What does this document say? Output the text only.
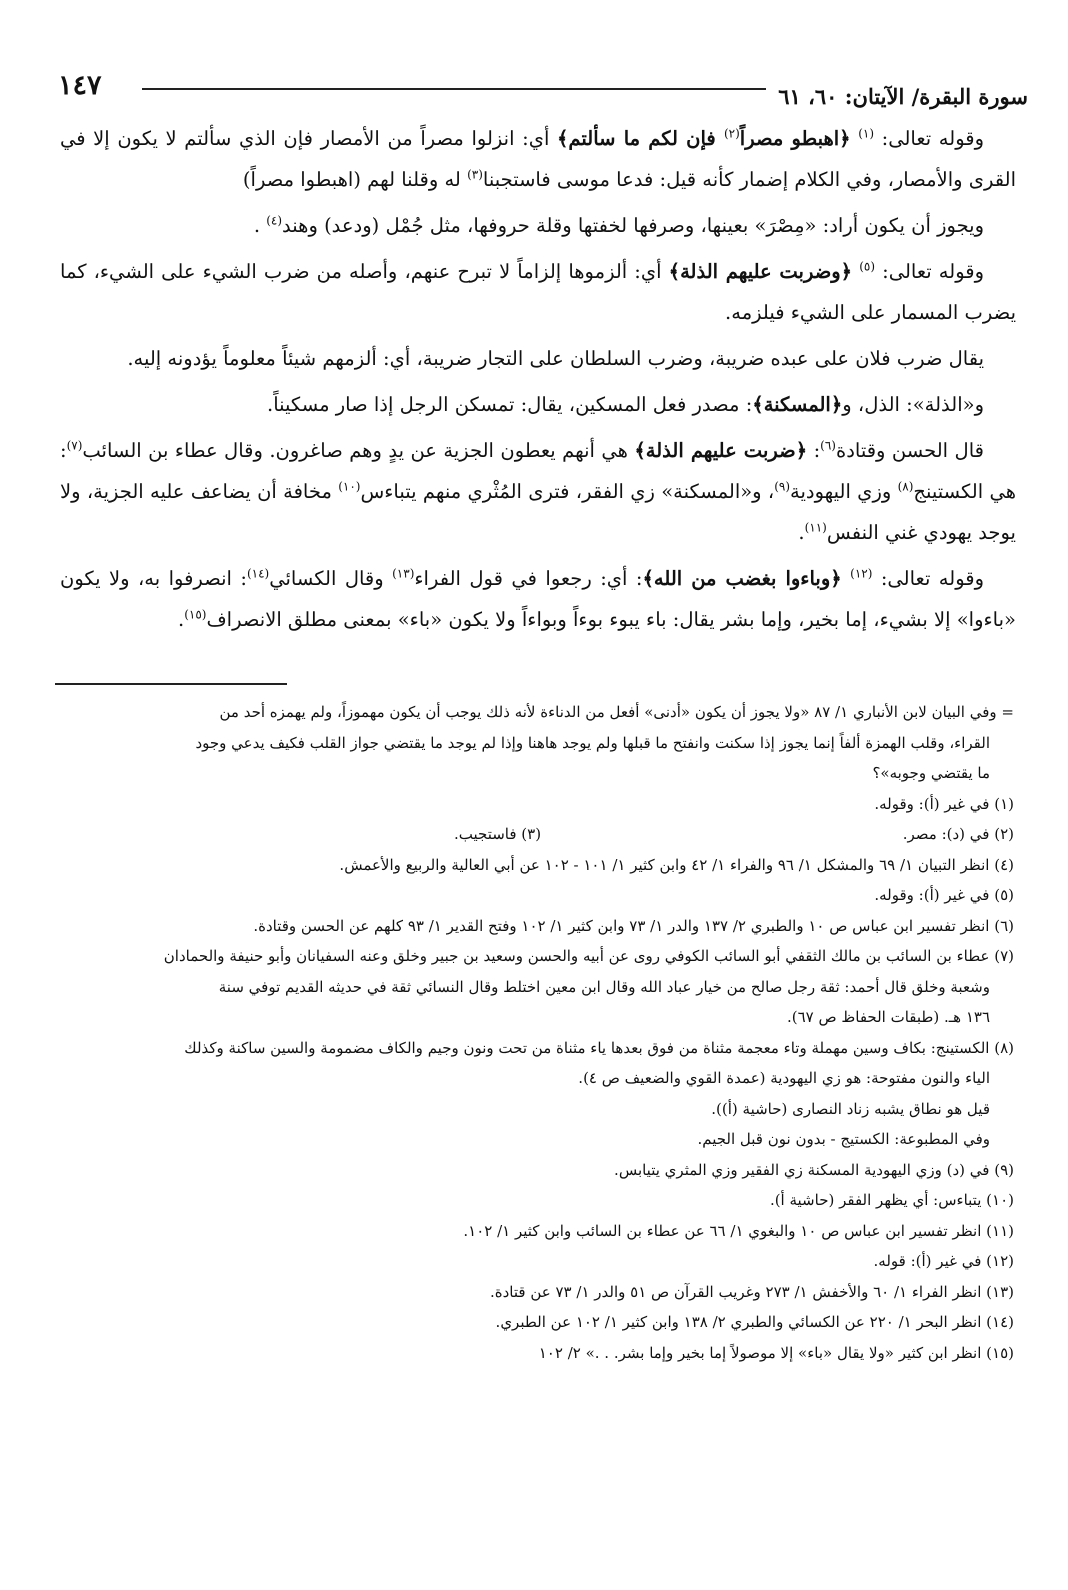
سورة البقرة/ الآيتان: ٦٠، ٦١
١٤٧

وقوله تعالى: $^{(١)}$ ﴿اهبطو مصراً$^{(٢)}$ فإن لكم ما سألتم﴾ أي: انزلوا مصراً من الأمصار فإن الذي سألتم لا يكون إلا في القرى والأمصار، وفي الكلام إضمار كأنه قيل: فدعا موسى فاستجبنا$^{(٣)}$ له وقلنا لهم (اهبطوا مصراً)

ويجوز أن يكون أراد: «مِصْرَ» بعينها، وصرفها لخفتها وقلة حروفها، مثل جُمْل (ودعد) وهند$^{(٤)}$ .

وقوله تعالى: $^{(٥)}$ ﴿وضربت عليهم الذلة﴾ أي: ألزموها إلزاماً لا تبرح عنهم، وأصله من ضرب الشيء على الشيء، كما يضرب المسمار على الشيء فيلزمه.

يقال ضرب فلان على عبده ضريبة، وضرب السلطان على التجار ضريبة، أي: ألزمهم شيئاً معلوماً يؤدونه إليه.

و«الذلة»: الذل، و﴿المسكنة﴾: مصدر فعل المسكين، يقال: تمسكن الرجل إذا صار مسكيناً.

قال الحسن وقتادة$^{(٦)}$: ﴿ضربت عليهم الذلة﴾ هي أنهم يعطون الجزية عن يدٍ وهم صاغرون. وقال عطاء بن السائب$^{(٧)}$: هي الكستينج$^{(٨)}$ وزي اليهودية$^{(٩)}$، و«المسكنة» زي الفقر، فترى المُثْري منهم يتباءس$^{(١٠)}$ مخافة أن يضاعف عليه الجزية، ولا يوجد يهودي غني النفس$^{(١١)}$.

وقوله تعالى: $^{(١٢)}$ ﴿وباءوا بغضب من الله﴾: أي: رجعوا في قول الفراء$^{(١٣)}$ وقال الكسائي$^{(١٤)}$: انصرفوا به، ولا يكون «باءوا» إلا بشيء، إما بخير، وإما بشر يقال: باء يبوء بوءاً وبواءاً ولا يكون «باء» بمعنى مطلق الانصراف$^{(١٥)}$.

= وفي البيان لابن الأنباري ١/ ٨٧ «ولا يجوز أن يكون «أدنى» أفعل من الدناءة لأنه ذلك يوجب أن يكون مهموزاً، ولم يهمزه أحد من
القراء، وقلب الهمزة ألفاً إنما يجوز إذا سكنت وانفتح ما قبلها ولم يوجد هاهنا وإذا لم يوجد ما يقتضي جواز القلب فكيف يدعي وجود
ما يقتضي وجوبه»؟
(١) في غير (أ): وقوله.
(٢) في (د): مصر.
(٣) فاستجيب.
(٤) انظر التبيان ١/ ٦٩ والمشكل ١/ ٩٦ والفراء ١/ ٤٢ وابن كثير ١/ ١٠١ - ١٠٢ عن أبي العالية والربيع والأعمش.
(٥) في غير (أ): وقوله.
(٦) انظر تفسير ابن عباس ص ١٠ والطبري ٢/ ١٣٧ والدر ١/ ٧٣ وابن كثير ١/ ١٠٢ وفتح القدير ١/ ٩٣ كلهم عن الحسن وقتادة.
(٧) عطاء بن السائب بن مالك الثقفي أبو السائب الكوفي روى عن أبيه والحسن وسعيد بن جبير وخلق وعنه السفيانان وأبو حنيفة والحمادان
وشعبة وخلق قال أحمد: ثقة رجل صالح من خيار عباد الله وقال ابن معين اختلط وقال النسائي ثقة في حديثه القديم توفي سنة
١٣٦ هـ. (طبقات الحفاظ ص ٦٧).
(٨) الكستينج: بكاف وسين مهملة وتاء معجمة مثناة من فوق بعدها ياء مثناة من تحت ونون وجيم والكاف مضمومة والسين ساكنة وكذلك
الياء والنون مفتوحة: هو زي اليهودية (عمدة القوي والضعيف ص ٤).
قيل هو نطاق يشبه زناد النصارى (حاشية (أ)).
وفي المطبوعة: الكستيج - بدون نون قبل الجيم.
(٩) في (د) وزي اليهودية المسكنة زي الفقير وزي المثري يتيابس.
(١٠) يتباءس: أي يظهر الفقر (حاشية أ).
(١١) انظر تفسير ابن عباس ص ١٠ والبغوي ١/ ٦٦ عن عطاء بن السائب وابن كثير ١/ ١٠٢.
(١٢) في غير (أ): قوله.
(١٣) انظر الفراء ١/ ٦٠ والأخفش ١/ ٢٧٣ وغريب القرآن ص ٥١ والدر ١/ ٧٣ عن قتادة.
(١٤) انظر البحر ١/ ٢٢٠ عن الكسائي والطبري ٢/ ١٣٨ وابن كثير ١/ ١٠٢ عن الطبري.
(١٥) انظر ابن كثير «ولا يقال «باء» إلا موصولاً إما بخير وإما بشر. . .» ٢/ ١٠٢
